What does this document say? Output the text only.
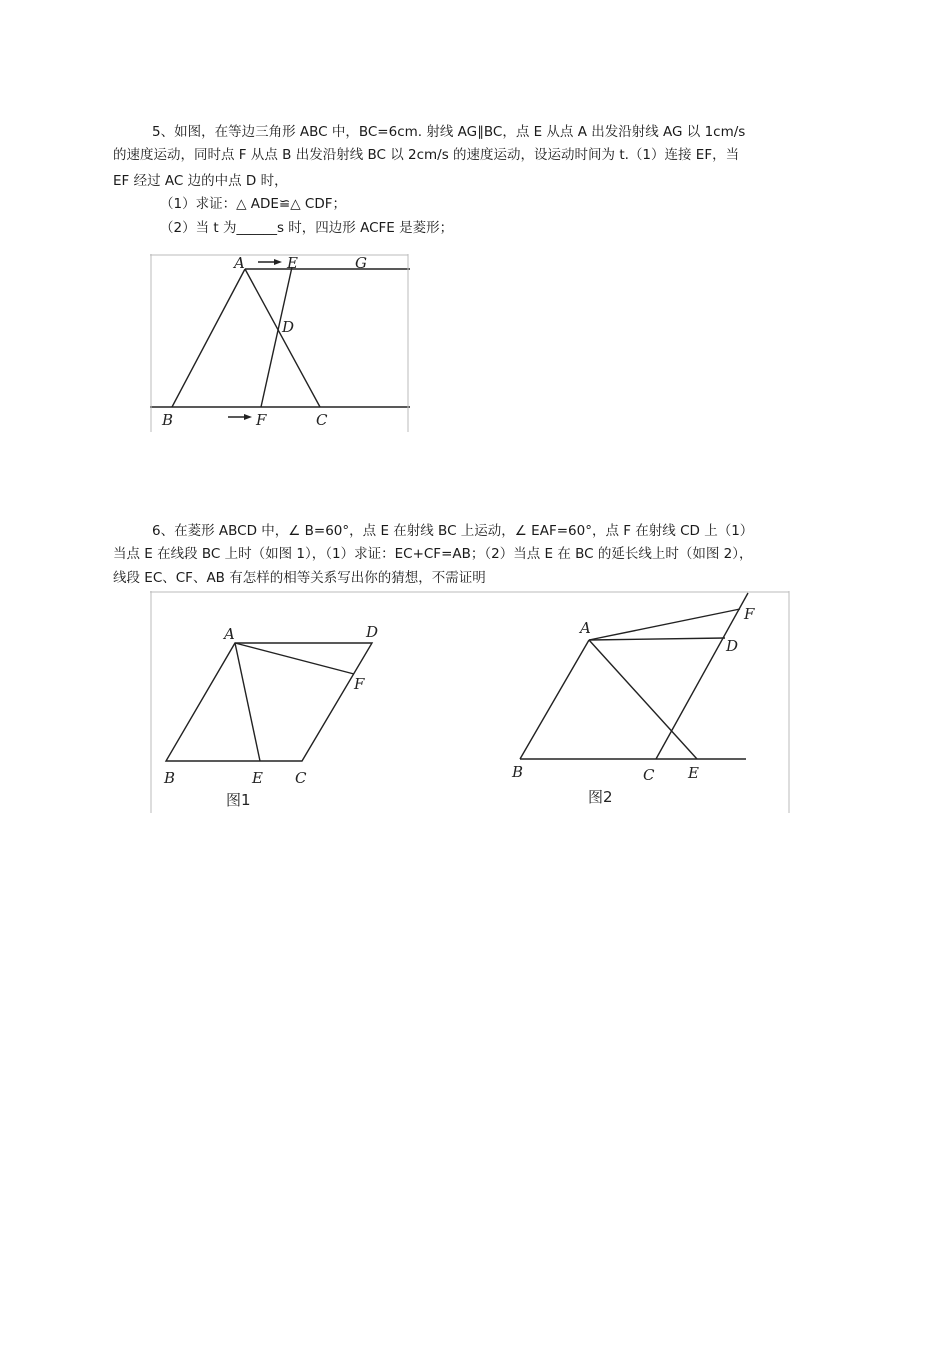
5、如图，在等边三角形 ABC 中，BC=6cm. 射线 AG∥BC，点 E 从点 A 出发沿射线 AG 以 1cm/s
的速度运动，同时点 F 从点 B 出发沿射线 BC 以 2cm/s 的速度运动，设运动时间为 t.（1）连接 EF，当
EF 经过 AC 边的中点 D 时，
（1）求证：△ ADE≌△ CDF；
（2）当 t 为______s 时，四边形 ACFE 是菱形；
A	E	G
D
B	F	C
6、在菱形 ABCD 中，∠ B=60°，点 E 在射线 BC 上运动，∠ EAF=60°，点 F 在射线 CD 上（1）
当点 E 在线段 BC 上时（如图 1），（1）求证：EC+CF=AB；（2）当点 E 在 BC 的延长线上时（如图 2），
线段 EC、CF、AB 有怎样的相等关系写出你的猜想，不需证明
A	D
F
B	E C
图1
A
F
D
B	C E
图2
